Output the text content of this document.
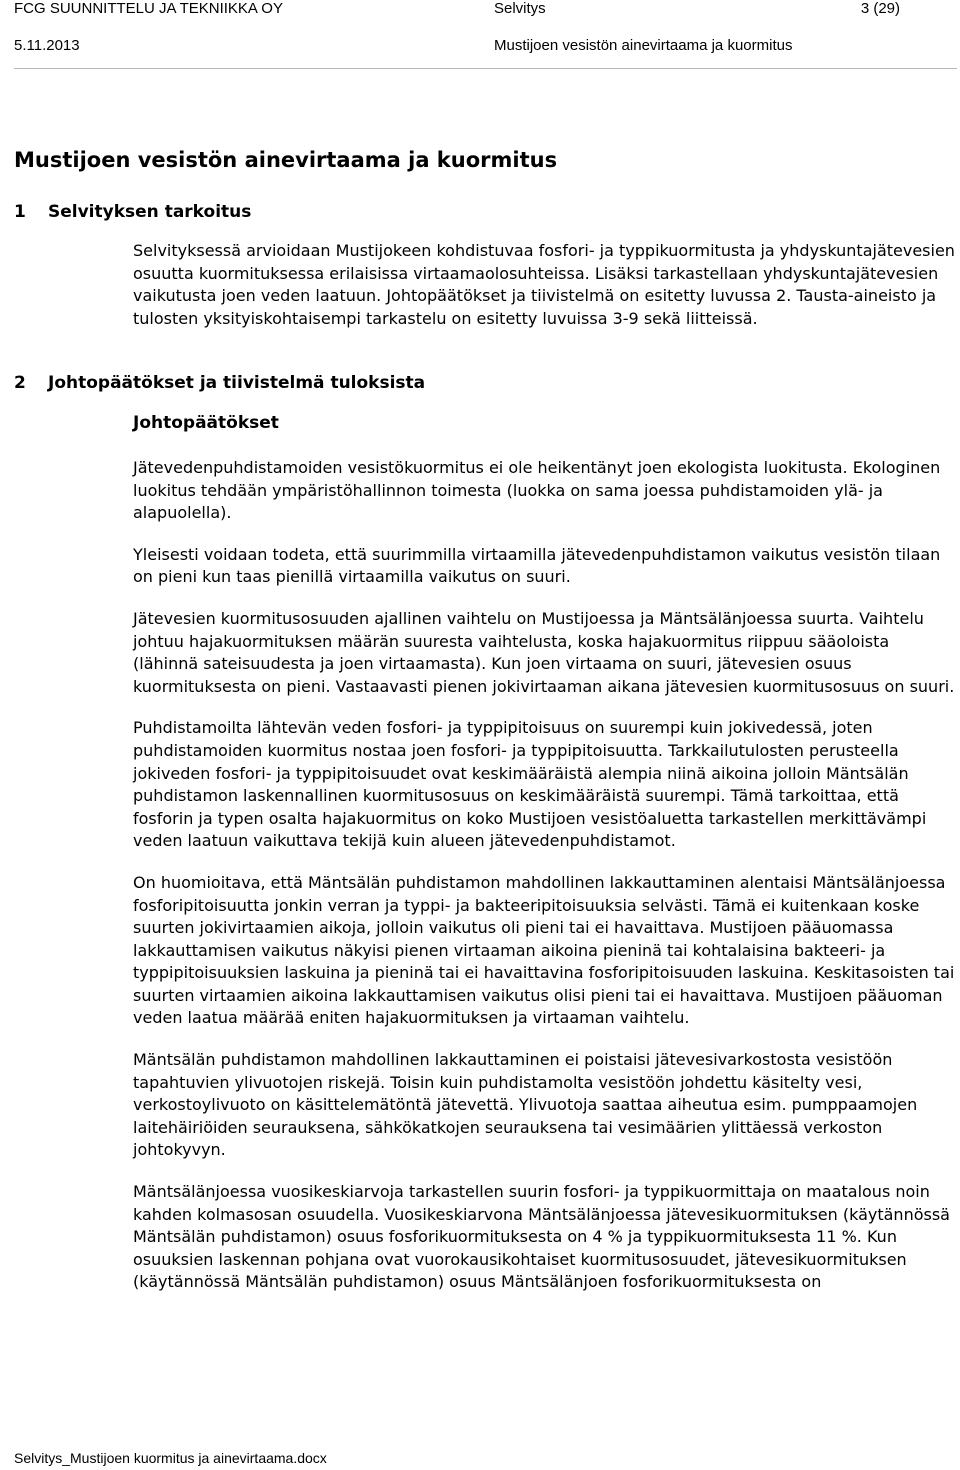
FCG SUUNNITTELU JA TEKNIIKKA OY	Selvitys	3 (29)
5.11.2013	Mustijoen vesistön ainevirtaama ja kuormitus
Mustijoen vesistön ainevirtaama ja kuormitus
1 Selvityksen tarkoitus

Selvityksessä arvioidaan Mustijokeen kohdistuvaa fosfori- ja typpikuormitusta ja yhdyskuntajätevesien osuutta kuormituksessa erilaisissa virtaamaolosuhteissa. Lisäksi tarkastellaan yhdyskuntajätevesien vaikutusta joen veden laatuun. Johtopäätökset ja tiivistelmä on esitetty luvussa 2. Tausta-aineisto ja tulosten yksityiskohtaisempi tarkastelu on esitetty luvuissa 3-9 sekä liitteissä.

2 Johtopäätökset ja tiivistelmä tuloksista
Johtopäätökset

Jätevedenpuhdistamoiden vesistökuormitus ei ole heikentänyt joen ekologista luokitusta. Ekologinen luokitus tehdään ympäristöhallinnon toimesta (luokka on sama joessa puhdistamoiden ylä- ja alapuolella).

Yleisesti voidaan todeta, että suurimmilla virtaamilla jätevedenpuhdistamon vaikutus vesistön tilaan on pieni kun taas pienillä virtaamilla vaikutus on suuri.

Jätevesien kuormitusosuuden ajallinen vaihtelu on Mustijoessa ja Mäntsälänjoessa suurta. Vaihtelu johtuu hajakuormituksen määrän suuresta vaihtelusta, koska hajakuormitus riippuu sääoloista (lähinnä sateisuudesta ja joen virtaamasta). Kun joen virtaama on suuri, jätevesien osuus kuormituksesta on pieni. Vastaavasti pienen jokivirtaaman aikana jätevesien kuormitusosuus on suuri.

Puhdistamoilta lähtevän veden fosfori- ja typpipitoisuus on suurempi kuin jokivedessä, joten puhdistamoiden kuormitus nostaa joen fosfori- ja typpipitoisuutta. Tarkkailutulosten perusteella jokiveden fosfori- ja typpipitoisuudet ovat keskimääräistä alempia niinä aikoina jolloin Mäntsälän puhdistamon laskennallinen kuormitusosuus on keskimääräistä suurempi. Tämä tarkoittaa, että fosforin ja typen osalta hajakuormitus on koko Mustijoen vesistöaluetta tarkastellen merkittävämpi veden laatuun vaikuttava tekijä kuin alueen jätevedenpuhdistamot.

On huomioitava, että Mäntsälän puhdistamon mahdollinen lakkauttaminen alentaisi Mäntsälänjoessa fosforipitoisuutta jonkin verran ja typpi- ja bakteeripitoisuuksia selvästi. Tämä ei kuitenkaan koske suurten jokivirtaamien aikoja, jolloin vaikutus oli pieni tai ei havaittava. Mustijoen pääuomassa lakkauttamisen vaikutus näkyisi pienen virtaaman aikoina pieninä tai kohtalaisina bakteeri- ja typpipitoisuuksien laskuina ja pieninä tai ei havaittavina fosforipitoisuuden laskuina. Keskitasoisten tai suurten virtaamien aikoina lakkauttamisen vaikutus olisi pieni tai ei havaittava. Mustijoen pääuoman veden laatua määrää eniten hajakuormituksen ja virtaaman vaihtelu.

Mäntsälän puhdistamon mahdollinen lakkauttaminen ei poistaisi jätevesivarkostosta vesistöön tapahtuvien ylivuotojen riskejä. Toisin kuin puhdistamolta vesistöön johdettu käsitelty vesi, verkostoylivuoto on käsittelemätöntä jätevettä. Ylivuotoja saattaa aiheutua esim. pumppaamojen laitehäiriöiden seurauksena, sähkökatkojen seurauksena tai vesimäärien ylittäessä verkoston johtokyvyn.

Mäntsälänjoessa vuosikeskiarvoja tarkastellen suurin fosfori- ja typpikuormittaja on maatalous noin kahden kolmasosan osuudella. Vuosikeskiarvona Mäntsälänjoessa jätevesikuormituksen (käytännössä Mäntsälän puhdistamon) osuus fosforikuormituksesta on 4 % ja typpikuormituksesta 11 %. Kun osuuksien laskennan pohjana ovat vuorokausikohtaiset kuormitusosuudet, jätevesikuormituksen (käytännössä Mäntsälän puhdistamon) osuus Mäntsälänjoen fosforikuormituksesta on

Selvitys_Mustijoen kuormitus ja ainevirtaama.docx
